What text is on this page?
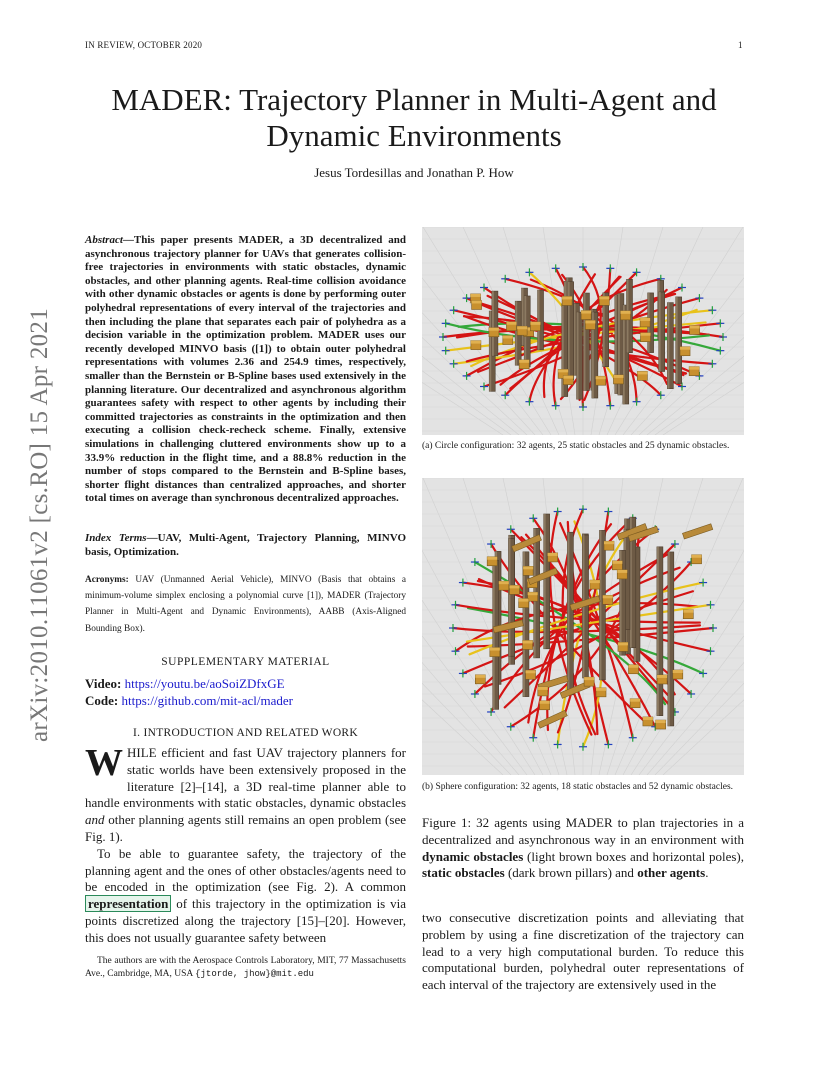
IN REVIEW, OCTOBER 2020	1
MADER: Trajectory Planner in Multi-Agent and Dynamic Environments
Jesus Tordesillas and Jonathan P. How
arXiv:2010.11061v2 [cs.RO] 15 Apr 2021
Abstract—This paper presents MADER, a 3D decentralized and asynchronous trajectory planner for UAVs that generates collision-free trajectories in environments with static obstacles, dynamic obstacles, and other planning agents. Real-time collision avoidance with other dynamic obstacles or agents is done by performing outer polyhedral representations of every interval of the trajectories and then including the plane that separates each pair of polyhedra as a decision variable in the optimization problem. MADER uses our recently developed MINVO basis ([1]) to obtain outer polyhedral representations with volumes 2.36 and 254.9 times, respectively, smaller than the Bernstein or B-Spline bases used extensively in the planning literature. Our decentralized and asynchronous algorithm guarantees safety with respect to other agents by including their committed trajectories as constraints in the optimization and then executing a collision check-recheck scheme. Finally, extensive simulations in challenging cluttered environments show up to a 33.9% reduction in the flight time, and a 88.8% reduction in the number of stops compared to the Bernstein and B-Spline bases, shorter flight distances than centralized approaches, and shorter total times on average than synchronous decentralized approaches.
Index Terms—UAV, Multi-Agent, Trajectory Planning, MINVO basis, Optimization.
Acronyms: UAV (Unmanned Aerial Vehicle), MINVO (Basis that obtains a minimum-volume simplex enclosing a polynomial curve [1]), MADER (Trajectory Planner in Multi-Agent and Dynamic Environments), AABB (Axis-Aligned Bounding Box).
SUPPLEMENTARY MATERIAL
Video: https://youtu.be/aoSoiZDfxGE
Code: https://github.com/mit-acl/mader
I. INTRODUCTION AND RELATED WORK
WHILE efficient and fast UAV trajectory planners for static worlds have been extensively proposed in the literature [2]–[14], a 3D real-time planner able to handle environments with static obstacles, dynamic obstacles and other planning agents still remains an open problem (see Fig. 1).
To be able to guarantee safety, the trajectory of the planning agent and the ones of other obstacles/agents need to be encoded in the optimization (see Fig. 2). A common representation of this trajectory in the optimization is via points discretized along the trajectory [15]–[20]. However, this does not usually guarantee safety between
The authors are with the Aerospace Controls Laboratory, MIT, 77 Massachusetts Ave., Cambridge, MA, USA {jtorde, jhow}@mit.edu
(a) Circle configuration: 32 agents, 25 static obstacles and 25 dynamic obstacles.
(b) Sphere configuration: 32 agents, 18 static obstacles and 52 dynamic obstacles.
Figure 1: 32 agents using MADER to plan trajectories in a decentralized and asynchronous way in an environment with dynamic obstacles (light brown boxes and horizontal poles), static obstacles (dark brown pillars) and other agents.
two consecutive discretization points and alleviating that problem by using a fine discretization of the trajectory can lead to a very high computational burden. To reduce this computational burden, polyhedral outer representations of each interval of the trajectory are extensively used in the
